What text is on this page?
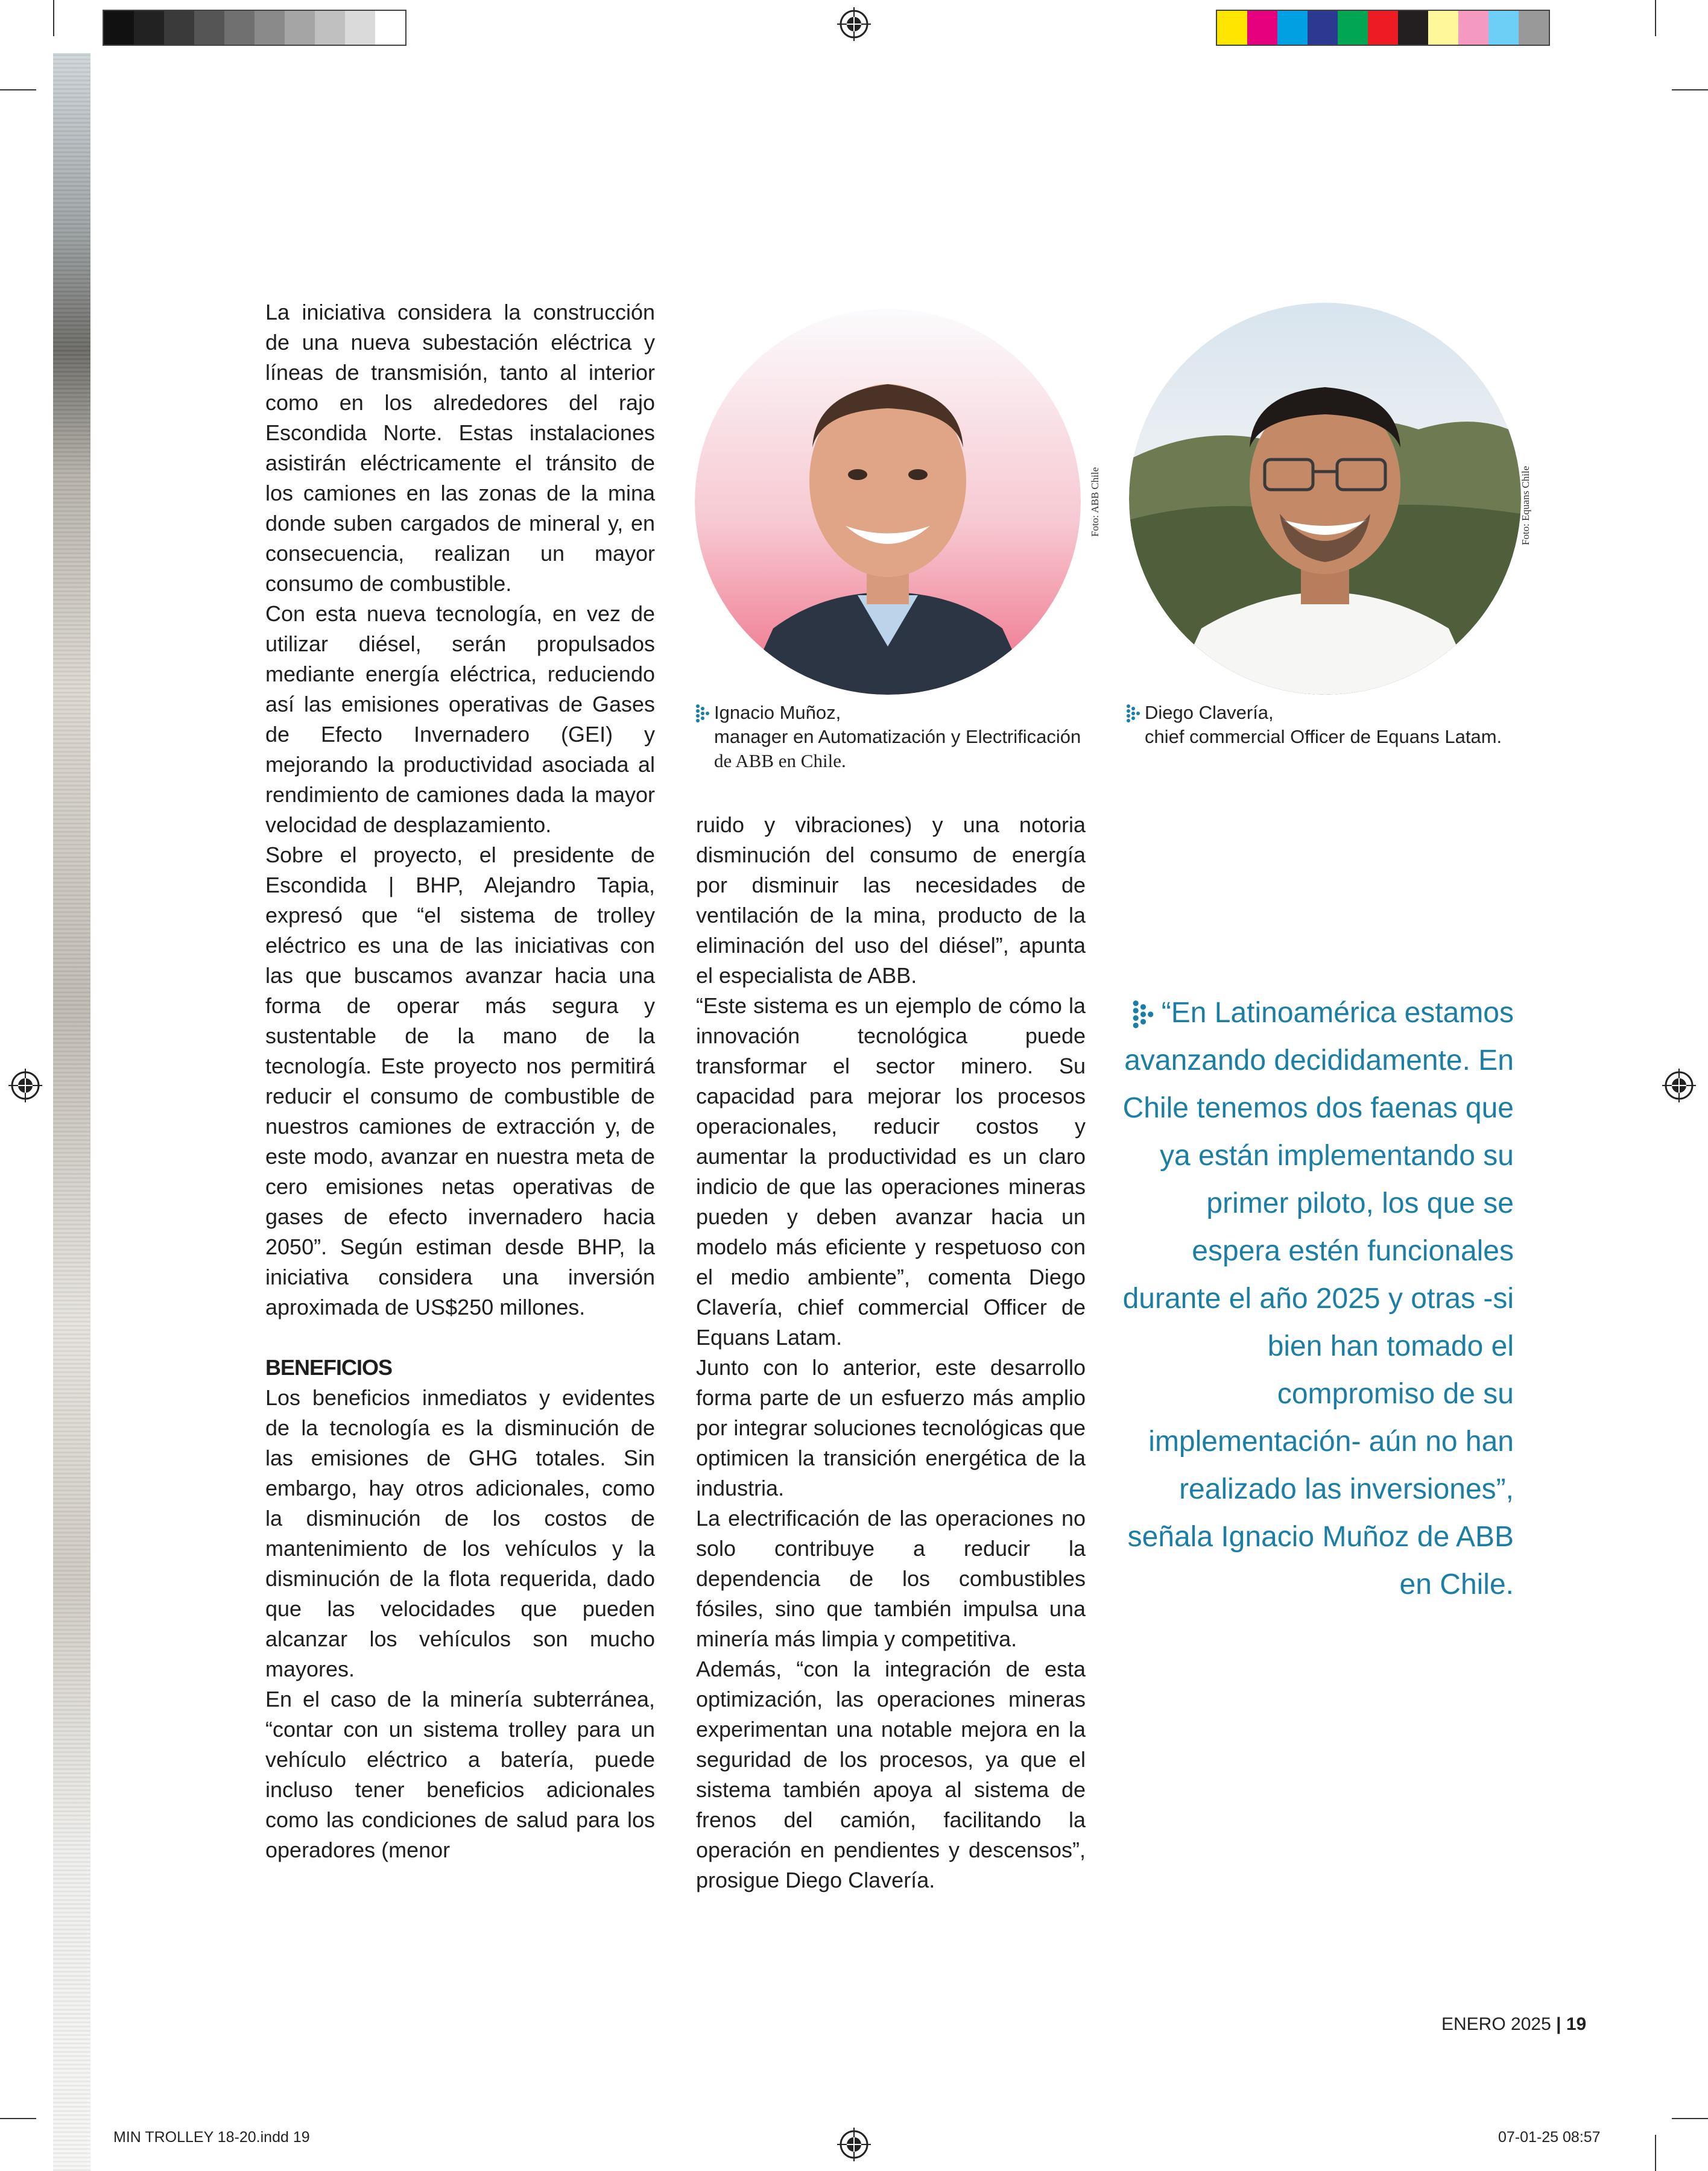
La iniciativa considera la construcción de una nueva subestación eléctrica y líneas de transmisión, tanto al interior como en los alrededores del rajo Escondida Norte. Estas instalaciones asistirán eléctricamente el tránsito de los camiones en las zonas de la mina donde suben cargados de mineral y, en consecuencia, realizan un mayor consumo de combustible.

Con esta nueva tecnología, en vez de utilizar diésel, serán propulsados mediante energía eléctrica, reduciendo así las emisiones operativas de Gases de Efecto Invernadero (GEI) y mejorando la productividad asociada al rendimiento de camiones dada la mayor velocidad de desplazamiento.

Sobre el proyecto, el presidente de Escondida | BHP, Alejandro Tapia, expresó que “el sistema de trolley eléctrico es una de las iniciativas con las que buscamos avanzar hacia una forma de operar más segura y sustentable de la mano de la tecnología. Este proyecto nos permitirá reducir el consumo de combustible de nuestros camiones de extracción y, de este modo, avanzar en nuestra meta de cero emisiones netas operativas de gases de efecto invernadero hacia 2050”. Según estiman desde BHP, la iniciativa considera una inversión aproximada de US$250 millones.

BENEFICIOS

Los beneficios inmediatos y evidentes de la tecnología es la disminución de las emisiones de GHG totales. Sin embargo, hay otros adicionales, como la disminución de los costos de mantenimiento de los vehículos y la disminución de la flota requerida, dado que las velocidades que pueden alcanzar los vehículos son mucho mayores.

En el caso de la minería subterránea, “contar con un sistema trolley para un vehículo eléctrico a batería, puede incluso tener beneficios adicionales como las condiciones de salud para los operadores (menor

ruido y vibraciones) y una notoria disminución del consumo de energía por disminuir las necesidades de ventilación de la mina, producto de la eliminación del uso del diésel”, apunta el especialista de ABB.

“Este sistema es un ejemplo de cómo la innovación tecnológica puede transformar el sector minero. Su capacidad para mejorar los procesos operacionales, reducir costos y aumentar la productividad es un claro indicio de que las operaciones mineras pueden y deben avanzar hacia un modelo más eficiente y respetuoso con el medio ambiente”, comenta Diego Clavería, chief commercial Officer de Equans Latam.

Junto con lo anterior, este desarrollo forma parte de un esfuerzo más amplio por integrar soluciones tecnológicas que optimicen la transición energética de la industria.

La electrificación de las operaciones no solo contribuye a reducir la dependencia de los combustibles fósiles, sino que también impulsa una minería más limpia y competitiva.

Además, “con la integración de esta optimización, las operaciones mineras experimentan una notable mejora en la seguridad de los procesos, ya que el sistema también apoya al sistema de frenos del camión, facilitando la operación en pendientes y descensos”, prosigue Diego Clavería.

Foto: ABB Chile
Ignacio Muñoz,
manager en Automatización y Electrificación
de ABB en Chile.
Foto: Equans Chile
Diego Clavería,
chief commercial Officer de Equans Latam.
“En Latinoamérica estamos avanzando decididamente. En Chile tenemos dos faenas que ya están implementando su primer piloto, los que se espera estén funcionales durante el año 2025 y otras -si bien han tomado el compromiso de su implementación- aún no han realizado las inversiones”, señala Ignacio Muñoz de ABB en Chile.
ENERO 2025 | 19
MIN TROLLEY 18-20.indd 19	07-01-25 08:57
